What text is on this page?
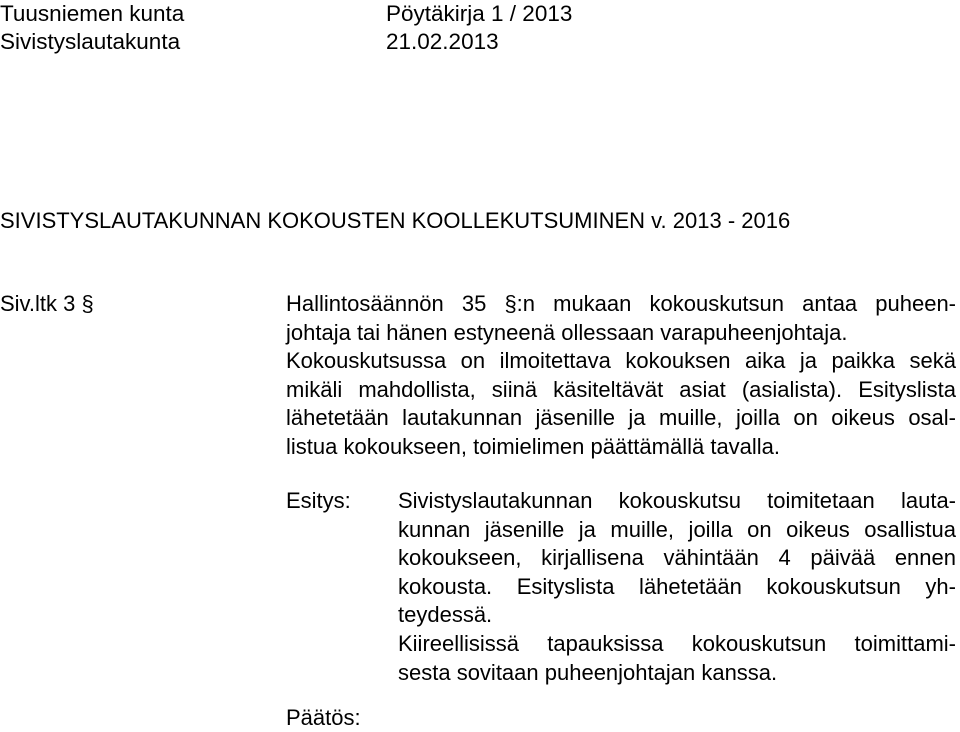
Tuusniemen kunta	Pöytäkirja 1 / 2013
Sivistyslautakunta	21.02.2013
SIVISTYSLAUTAKUNNAN KOKOUSTEN KOOLLEKUTSUMINEN v. 2013 - 2016
Siv.ltk 3 §	Hallintosäännön 35 §:n mukaan kokouskutsun antaa puheen-
johtaja tai hänen estyneenä ollessaan varapuheenjohtaja.
Kokouskutsussa on ilmoitettava kokouksen aika ja paikka sekä
mikäli mahdollista, siinä käsiteltävät asiat (asialista). Esityslista
lähetetään lautakunnan jäsenille ja muille, joilla on oikeus osal-
listua kokoukseen, toimielimen päättämällä tavalla.
Esitys: Sivistyslautakunnan kokouskutsu toimitetaan lauta-
kunnan jäsenille ja muille, joilla on oikeus osallistua
kokoukseen, kirjallisena vähintään 4 päivää ennen
kokousta. Esityslista lähetetään kokouskutsun yh-
teydessä.
Kiireellisissä tapauksissa kokouskutsun toimittami-
sesta sovitaan puheenjohtajan kanssa.
Päätös:
